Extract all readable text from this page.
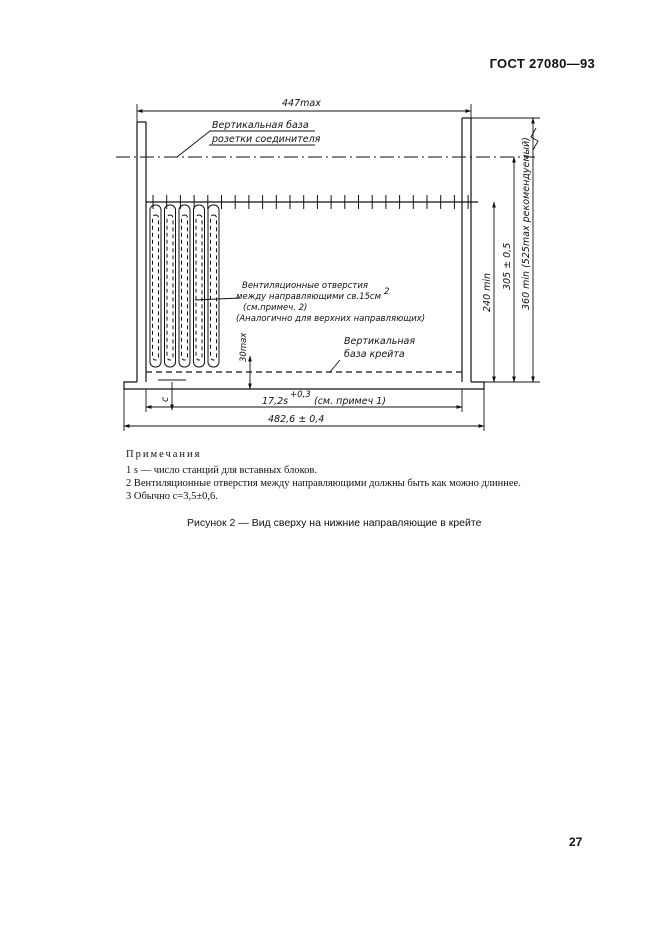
ГОСТ 27080—93
447max
Вертикальная база
розетки соединителя
Вентиляционные отверстия
между направляющими св.15см 2
(см.примеч. 2)
(Аналогично для верхних направляющих)
Вертикальная
база крейта
30max
c	17,2s
+0,3
(см. примеч 1)
482,6 ± 0,4
240 min
305 ± 0,5 360 min (525max рекомендуемый)

Примечания

1 s — число станций для вставных блоков.

2 Вентиляционные отверстия между направляющими должны быть как можно длиннее.

3 Обычно c=3,5±0,6.

Рисунок 2 — Вид сверху на нижние направляющие в крейте
27
